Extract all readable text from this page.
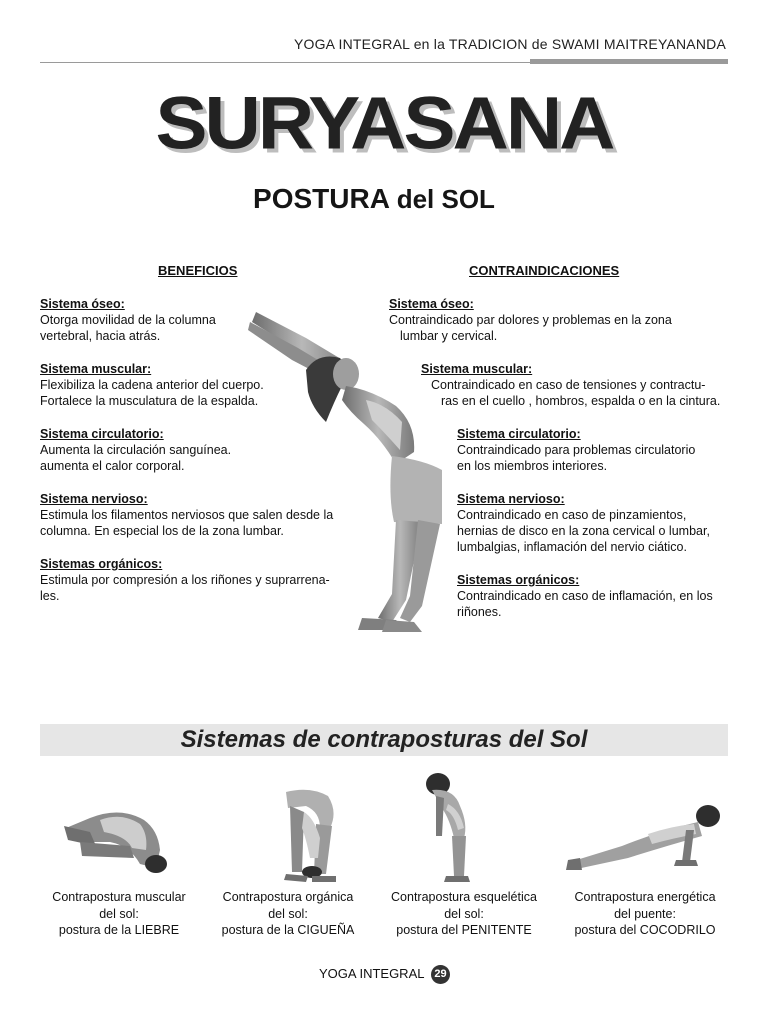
YOGA INTEGRAL en la TRADICION de SWAMI MAITREYANANDA
SURYASANA
POSTURA del SOL
BENEFICIOS
Sistema óseo:
Otorga movilidad de la columna
vertebral, hacia atrás.
Sistema muscular:
Flexibiliza la cadena anterior del cuerpo.
Fortalece la musculatura de la espalda.
Sistema circulatorio:
Aumenta la circulación sanguínea.
aumenta el calor corporal.
Sistema nervioso:
Estimula los filamentos nerviosos que salen desde la
columna. En especial los de la zona lumbar.
Sistemas orgánicos:
Estimula por compresión a los riñones y suprarrena-
les.
CONTRAINDICACIONES
Sistema óseo:
Contraindicado par dolores y problemas en la zona
lumbar y cervical.
Sistema muscular:
Contraindicado en caso de tensiones y contractu-
ras en el cuello , hombros, espalda o en la cintura.
Sistema circulatorio:
Contraindicado para problemas circulatorio
en los miembros interiores.
Sistema nervioso:
Contraindicado en caso de pinzamientos,
hernias de disco en la zona cervical o lumbar,
lumbalgias, inflamación del nervio ciático.
Sistemas orgánicos:
Contraindicado en caso de inflamación, en los
riñones.
Sistemas de contraposturas del Sol
Contrapostura muscular
del sol:
postura de la LIEBRE
Contrapostura orgánica
del sol:
postura de la CIGUEÑA
Contrapostura esquelética
del sol:
postura del PENITENTE
Contrapostura energética
del puente:
postura del COCODRILO
YOGA INTEGRAL 29
